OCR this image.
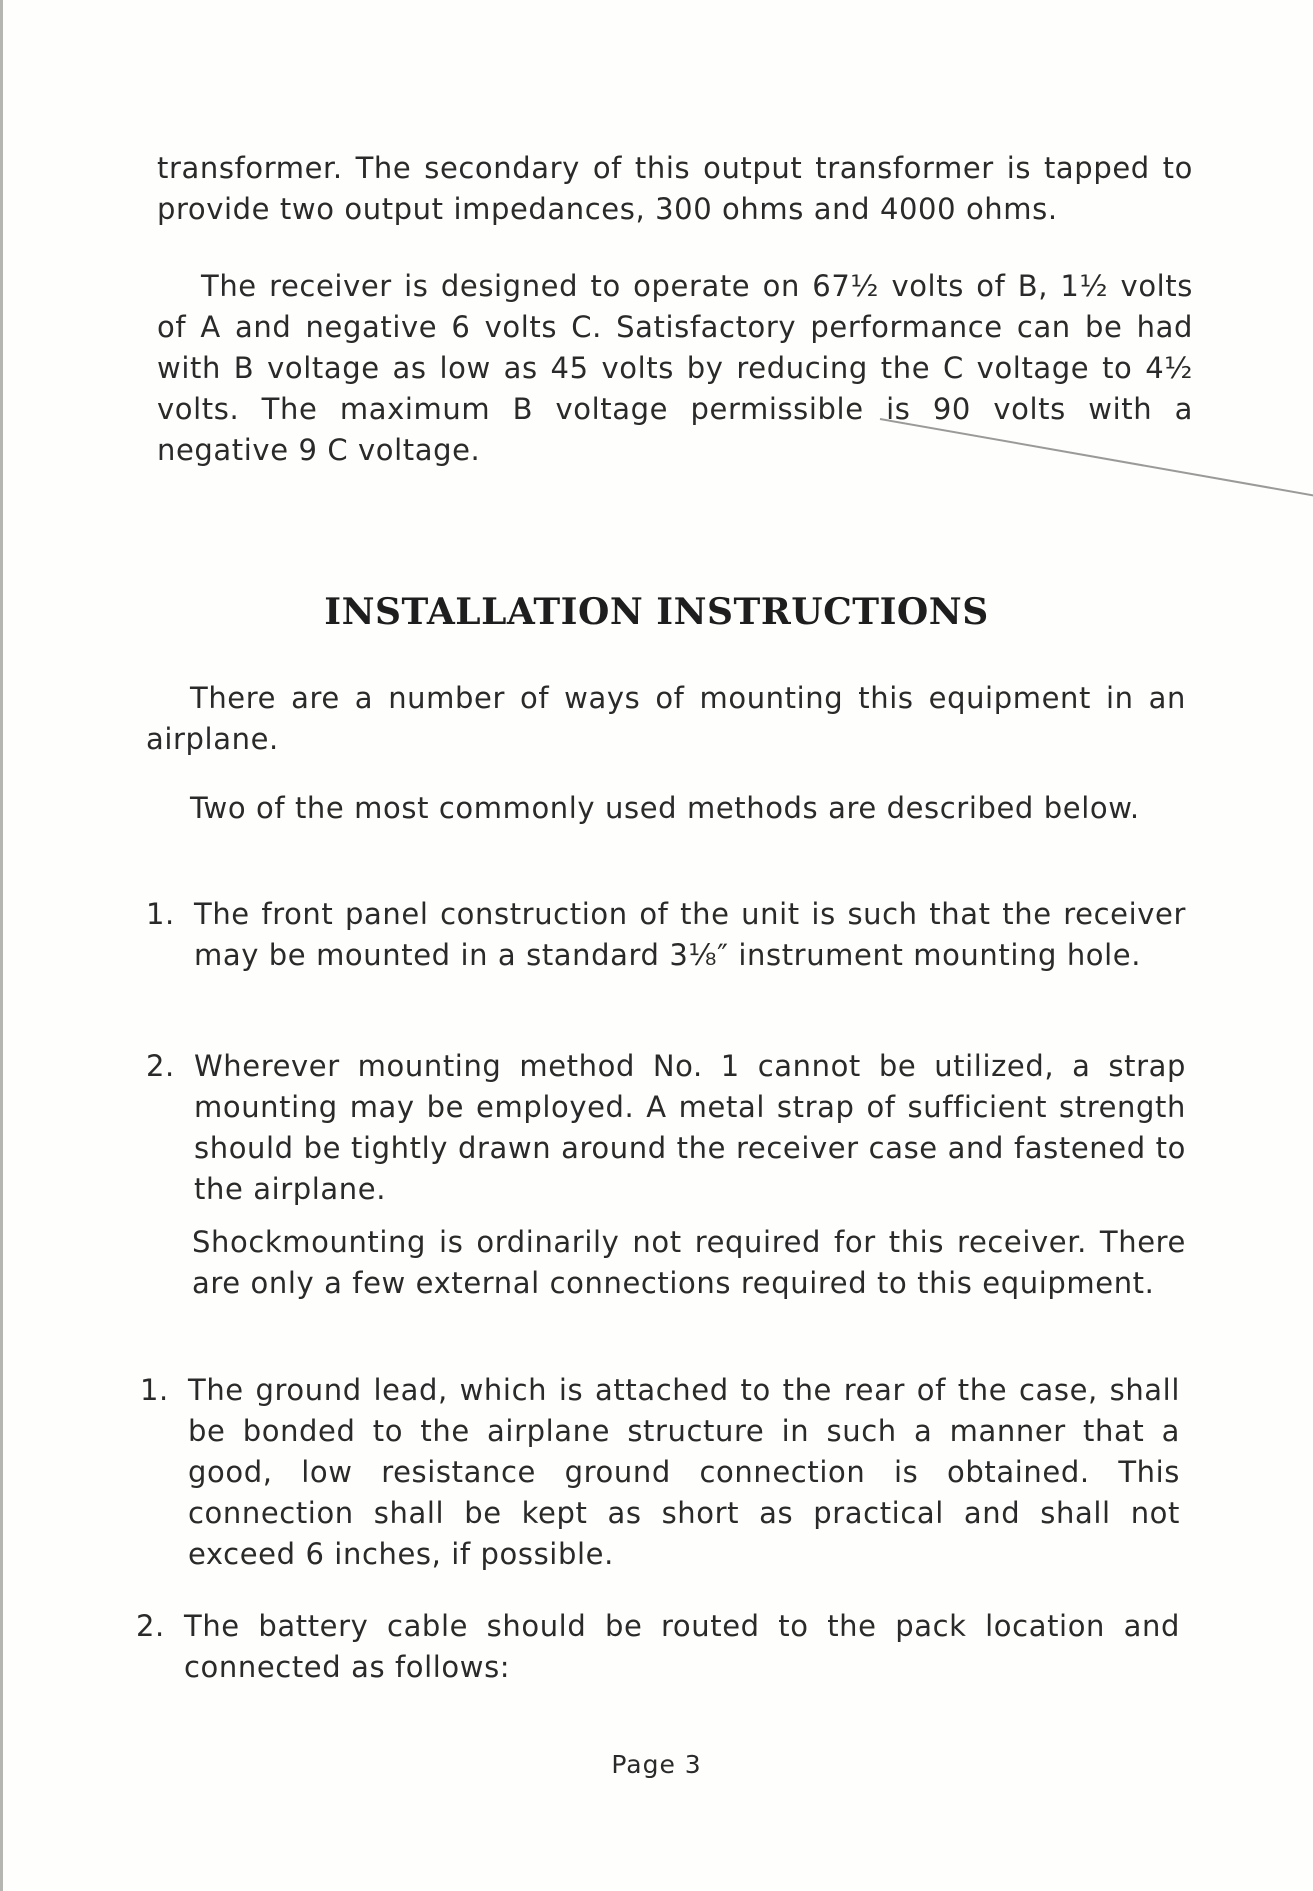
transformer. The secondary of this output transformer is tapped to provide two output impedances, 300 ohms and 4000 ohms.

The receiver is designed to operate on 67½ volts of B, 1½ volts of A and negative 6 volts C. Satisfactory performance can be had with B voltage as low as 45 volts by reducing the C voltage to 4½ volts. The maximum B voltage permissible is 90 volts with a negative 9 C voltage.

INSTALLATION INSTRUCTIONS

There are a number of ways of mounting this equipment in an airplane.

Two of the most commonly used methods are described below.

1. The front panel construction of the unit is such that the receiver may be mounted in a standard 3⅛″ instrument mounting hole.

2. Wherever mounting method No. 1 cannot be utilized, a strap mounting may be employed. A metal strap of sufficient strength should be tightly drawn around the receiver case and fastened to the airplane.

Shockmounting is ordinarily not required for this receiver. There are only a few external connections required to this equipment.

1. The ground lead, which is attached to the rear of the case, shall be bonded to the airplane structure in such a manner that a good, low resistance ground connection is obtained. This connection shall be kept as short as practical and shall not exceed 6 inches, if possible.

2. The battery cable should be routed to the pack location and connected as follows:

Page 3
